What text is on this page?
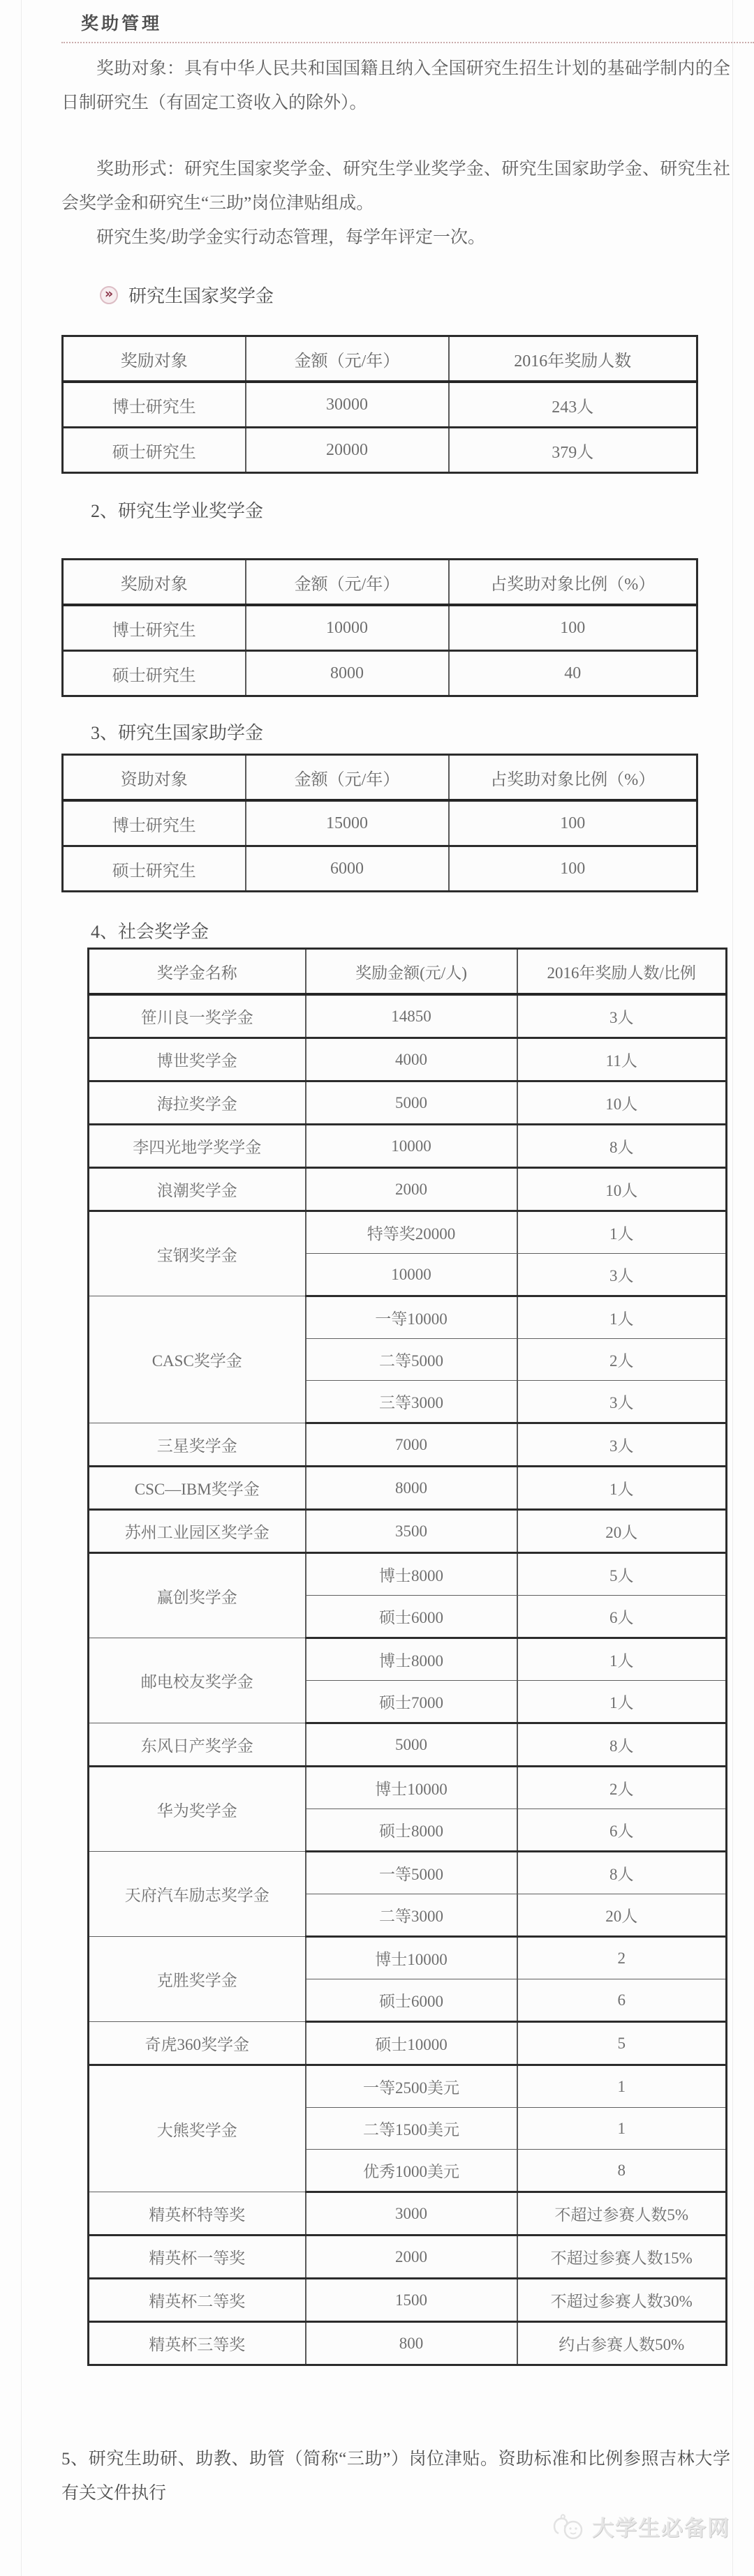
奖助管理

奖助对象：具有中华人民共和国国籍且纳入全国研究生招生计划的基础学制内的全日制研究生（有固定工资收入的除外）。

奖助形式：研究生国家奖学金、研究生学业奖学金、研究生国家助学金、研究生社会奖学金和研究生“三助”岗位津贴组成。

研究生奖/助学金实行动态管理，每学年评定一次。

» 研究生国家奖学金
奖励对象	金额（元/年）	2016年奖励人数
博士研究生	30000	243人
硕士研究生	20000	379人
2、研究生学业奖学金
奖励对象	金额（元/年）	占奖助对象比例（%）
博士研究生	10000	100
硕士研究生	8000	40
3、研究生国家助学金
资助对象	金额（元/年）	占奖助对象比例（%）
博士研究生	15000	100
硕士研究生	6000	100
4、社会奖学金
奖学金名称	奖励金额(元/人)	2016年奖励人数/比例
笹川良一奖学金	14850	3人
博世奖学金	4000	11人
海拉奖学金	5000	10人
李四光地学奖学金	10000	8人
浪潮奖学金	2000	10人
宝钢奖学金	特等奖20000	1人
	10000	3人
CASC奖学金	一等10000	1人
	二等5000	2人
	三等3000	3人
三星奖学金	7000	3人
CSC—IBM奖学金	8000	1人
苏州工业园区奖学金	3500	20人
赢创奖学金	博士8000	5人
	硕士6000	6人
邮电校友奖学金	博士8000	1人
	硕士7000	1人
东风日产奖学金	5000	8人
华为奖学金	博士10000	2人
	硕士8000	6人
天府汽车励志奖学金	一等5000	8人
	二等3000	20人
克胜奖学金	博士10000	2
	硕士6000	6
奇虎360奖学金	硕士10000	5
大熊奖学金	一等2500美元	1
	二等1500美元	1
	优秀1000美元	8
精英杯特等奖	3000	不超过参赛人数5%
精英杯一等奖	2000	不超过参赛人数15%
精英杯二等奖	1500	不超过参赛人数30%
精英杯三等奖	800	约占参赛人数50%
5、研究生助研、助教、助管（简称“三助”）岗位津贴。资助标准和比例参照吉林大学有关文件执行
大学生必备网
